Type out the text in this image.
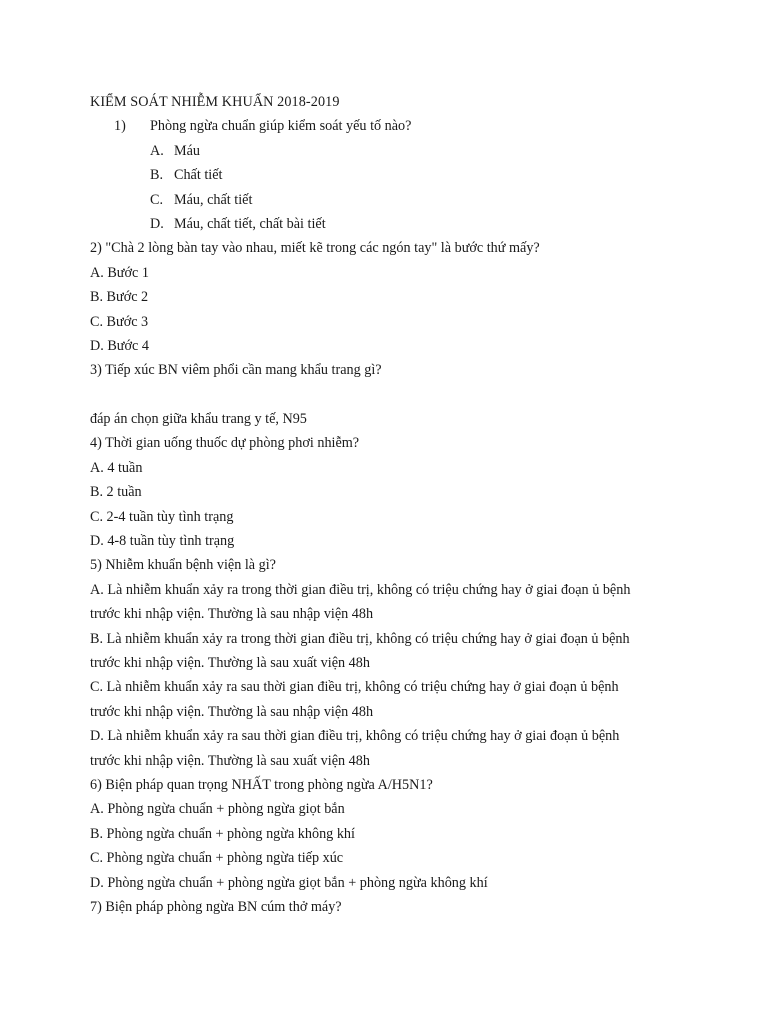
KIỂM SOÁT NHIỄM KHUẨN 2018-2019
1) Phòng ngừa chuẩn giúp kiểm soát yếu tố nào?
A. Máu
B. Chất tiết
C. Máu, chất tiết
D. Máu, chất tiết, chất bài tiết
2) "Chà 2 lòng bàn tay vào nhau, miết kẽ trong các ngón tay" là bước thứ mấy?
A. Bước 1
B. Bước 2
C. Bước 3
D. Bước 4
3) Tiếp xúc BN viêm phổi cần mang khẩu trang gì?
đáp án chọn giữa khẩu trang y tế, N95
4) Thời gian uống thuốc dự phòng phơi nhiễm?
A. 4 tuần
B. 2 tuần
C. 2-4 tuần tùy tình trạng
D. 4-8 tuần tùy tình trạng
5) Nhiễm khuẩn bệnh viện là gì?
A. Là nhiễm khuẩn xảy ra trong thời gian điều trị, không có triệu chứng hay ở giai đoạn ủ bệnh
trước khi nhập viện. Thường là sau nhập viện 48h
B. Là nhiễm khuẩn xảy ra trong thời gian điều trị, không có triệu chứng hay ở giai đoạn ủ bệnh
trước khi nhập viện. Thường là sau xuất viện 48h
C. Là nhiễm khuẩn xảy ra sau thời gian điều trị, không có triệu chứng hay ở giai đoạn ủ bệnh
trước khi nhập viện. Thường là sau nhập viện 48h
D. Là nhiễm khuẩn xảy ra sau thời gian điều trị, không có triệu chứng hay ở giai đoạn ủ bệnh
trước khi nhập viện. Thường là sau xuất viện 48h
6) Biện pháp quan trọng NHẤT trong phòng ngừa A/H5N1?
A. Phòng ngừa chuẩn + phòng ngừa giọt bắn
B. Phòng ngừa chuẩn + phòng ngừa không khí
C. Phòng ngừa chuẩn + phòng ngừa tiếp xúc
D. Phòng ngừa chuẩn + phòng ngừa giọt bắn + phòng ngừa không khí
7) Biện pháp phòng ngừa BN cúm thở máy?
